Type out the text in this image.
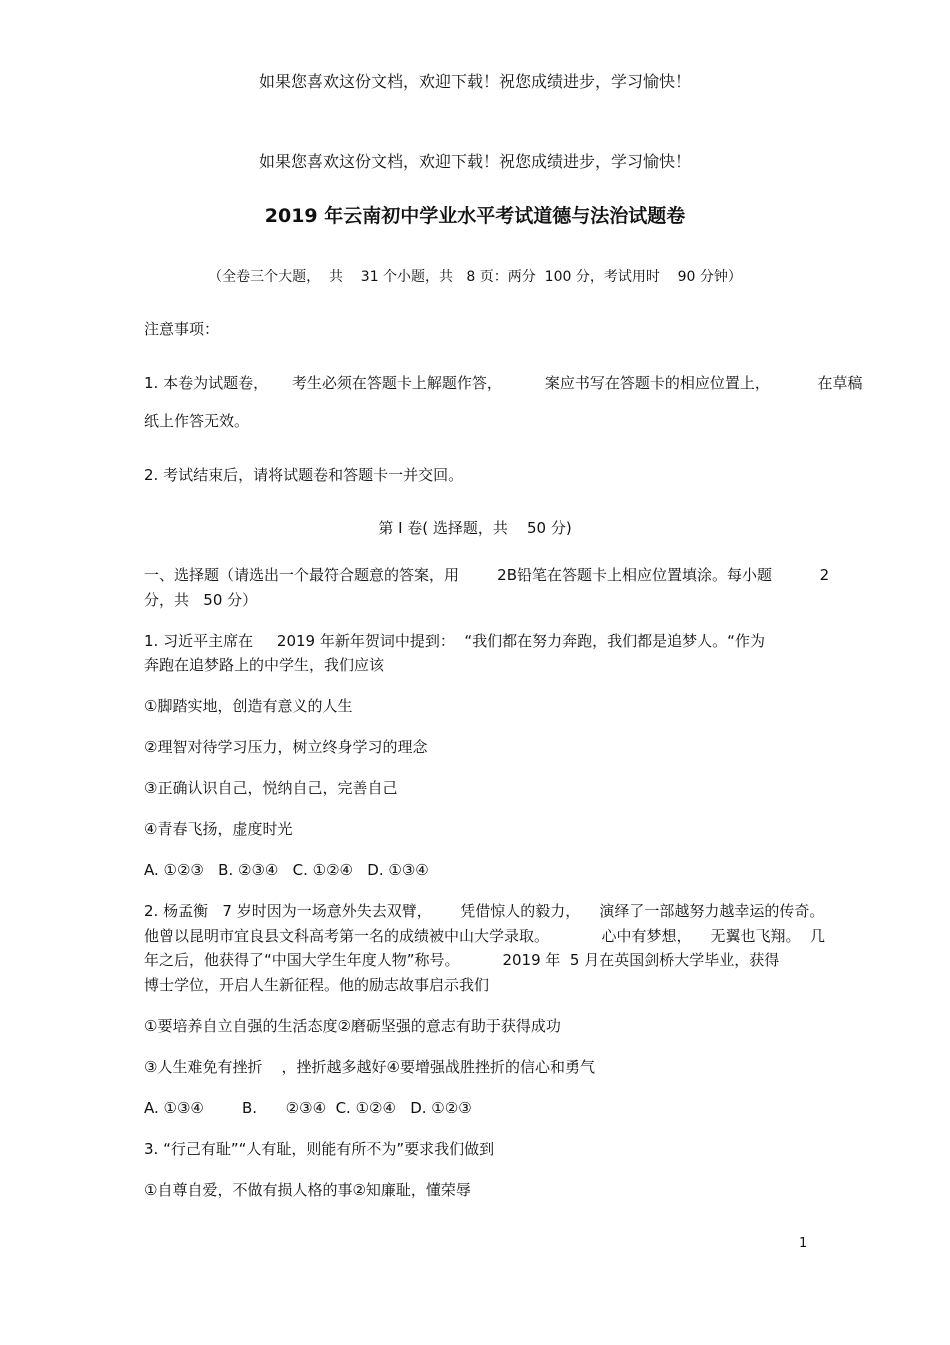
如果您喜欢这份文档，欢迎下载！祝您成绩进步，学习愉快！
如果您喜欢这份文档，欢迎下载！祝您成绩进步，学习愉快！
2019 年云南初中学业水平考试道德与法治试题卷
（全卷三个大题，  共    31 个小题，共   8 页：两分  100 分，考试用时    90 分钟）
注意事项：
1. 本卷为试题卷，     考生必须在答题卡上解题作答，         案应书写在答题卡的相应位置上，          在草稿
纸上作答无效。
2. 考试结束后，请将试题卷和答题卡一并交回。
第 Ⅰ 卷( 选择题，共    50 分)
一、选择题（请选出一个最符合题意的答案，用        2B铅笔在答题卡上相应位置填涂。每小题          2
分，共   50 分）
1. 习近平主席在     2019 年新年贺词中提到：  “我们都在努力奔跑，我们都是追梦人。“作为
奔跑在追梦路上的中学生，我们应该
①脚踏实地，创造有意义的人生
②理智对待学习压力，树立终身学习的理念
③正确认识自己，悦纳自己，完善自己
④青春飞扬，虚度时光
A. ①②③   B. ②③④   C. ①②④   D. ①③④
2. 杨孟衡   7 岁时因为一场意外失去双臂，      凭借惊人的毅力，    演绎了一部越努力越幸运的传奇。
他曾以昆明市宜良县文科高考第一名的成绩被中山大学录取。           心中有梦想，    无翼也飞翔。  几
年之后，他获得了“中国大学生年度人物”称号。         2019 年  5 月在英国剑桥大学毕业，获得
博士学位，开启人生新征程。他的励志故事启示我们
①要培养自立自强的生活态度②磨砺坚强的意志有助于获得成功
③人生难免有挫折    ，挫折越多越好④要增强战胜挫折的信心和勇气
A. ①③④        B.      ②③④  C. ①②④   D. ①②③
3. “行己有耻”“人有耻，则能有所不为”要求我们做到
①自尊自爱，不做有损人格的事②知廉耻，懂荣辱
1
